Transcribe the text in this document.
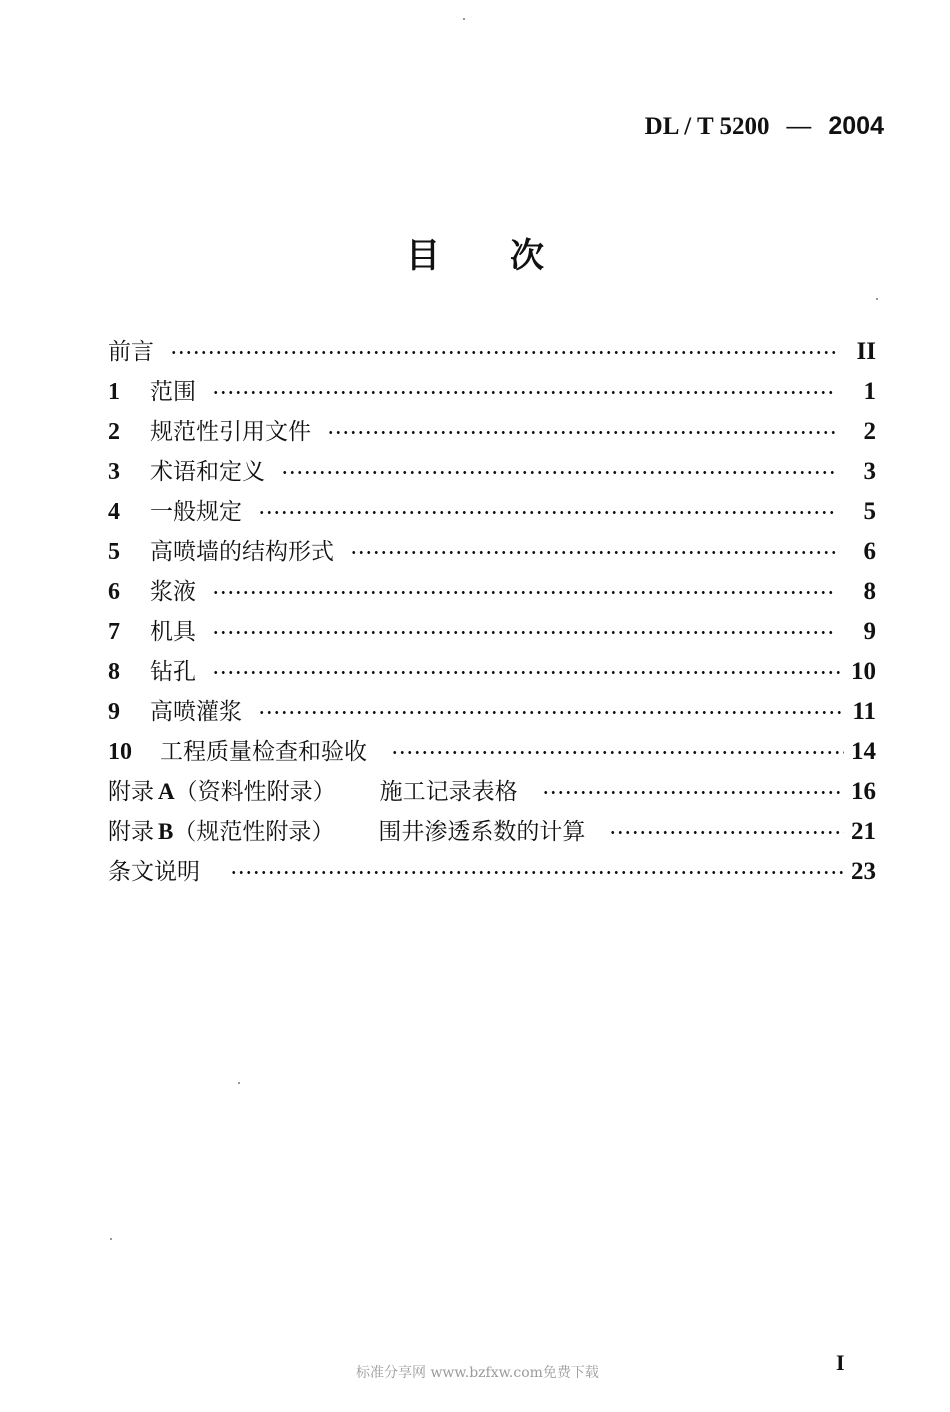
DL / T 5200 — 2004
目 次
前言	II
1	范围	1
2	规范性引用文件	2
3	术语和定义	3
4	一般规定	5
5	高喷墙的结构形式	6
6	浆液	8
7	机具	9
8	钻孔	10
9	高喷灌浆	11
10	工程质量检查和验收	14
附录 A（资料性附录） 施工记录表格	16
附录 B（规范性附录） 围井渗透系数的计算	21
条文说明	23
标准分享网 www.bzfxw.com免费下载	I
